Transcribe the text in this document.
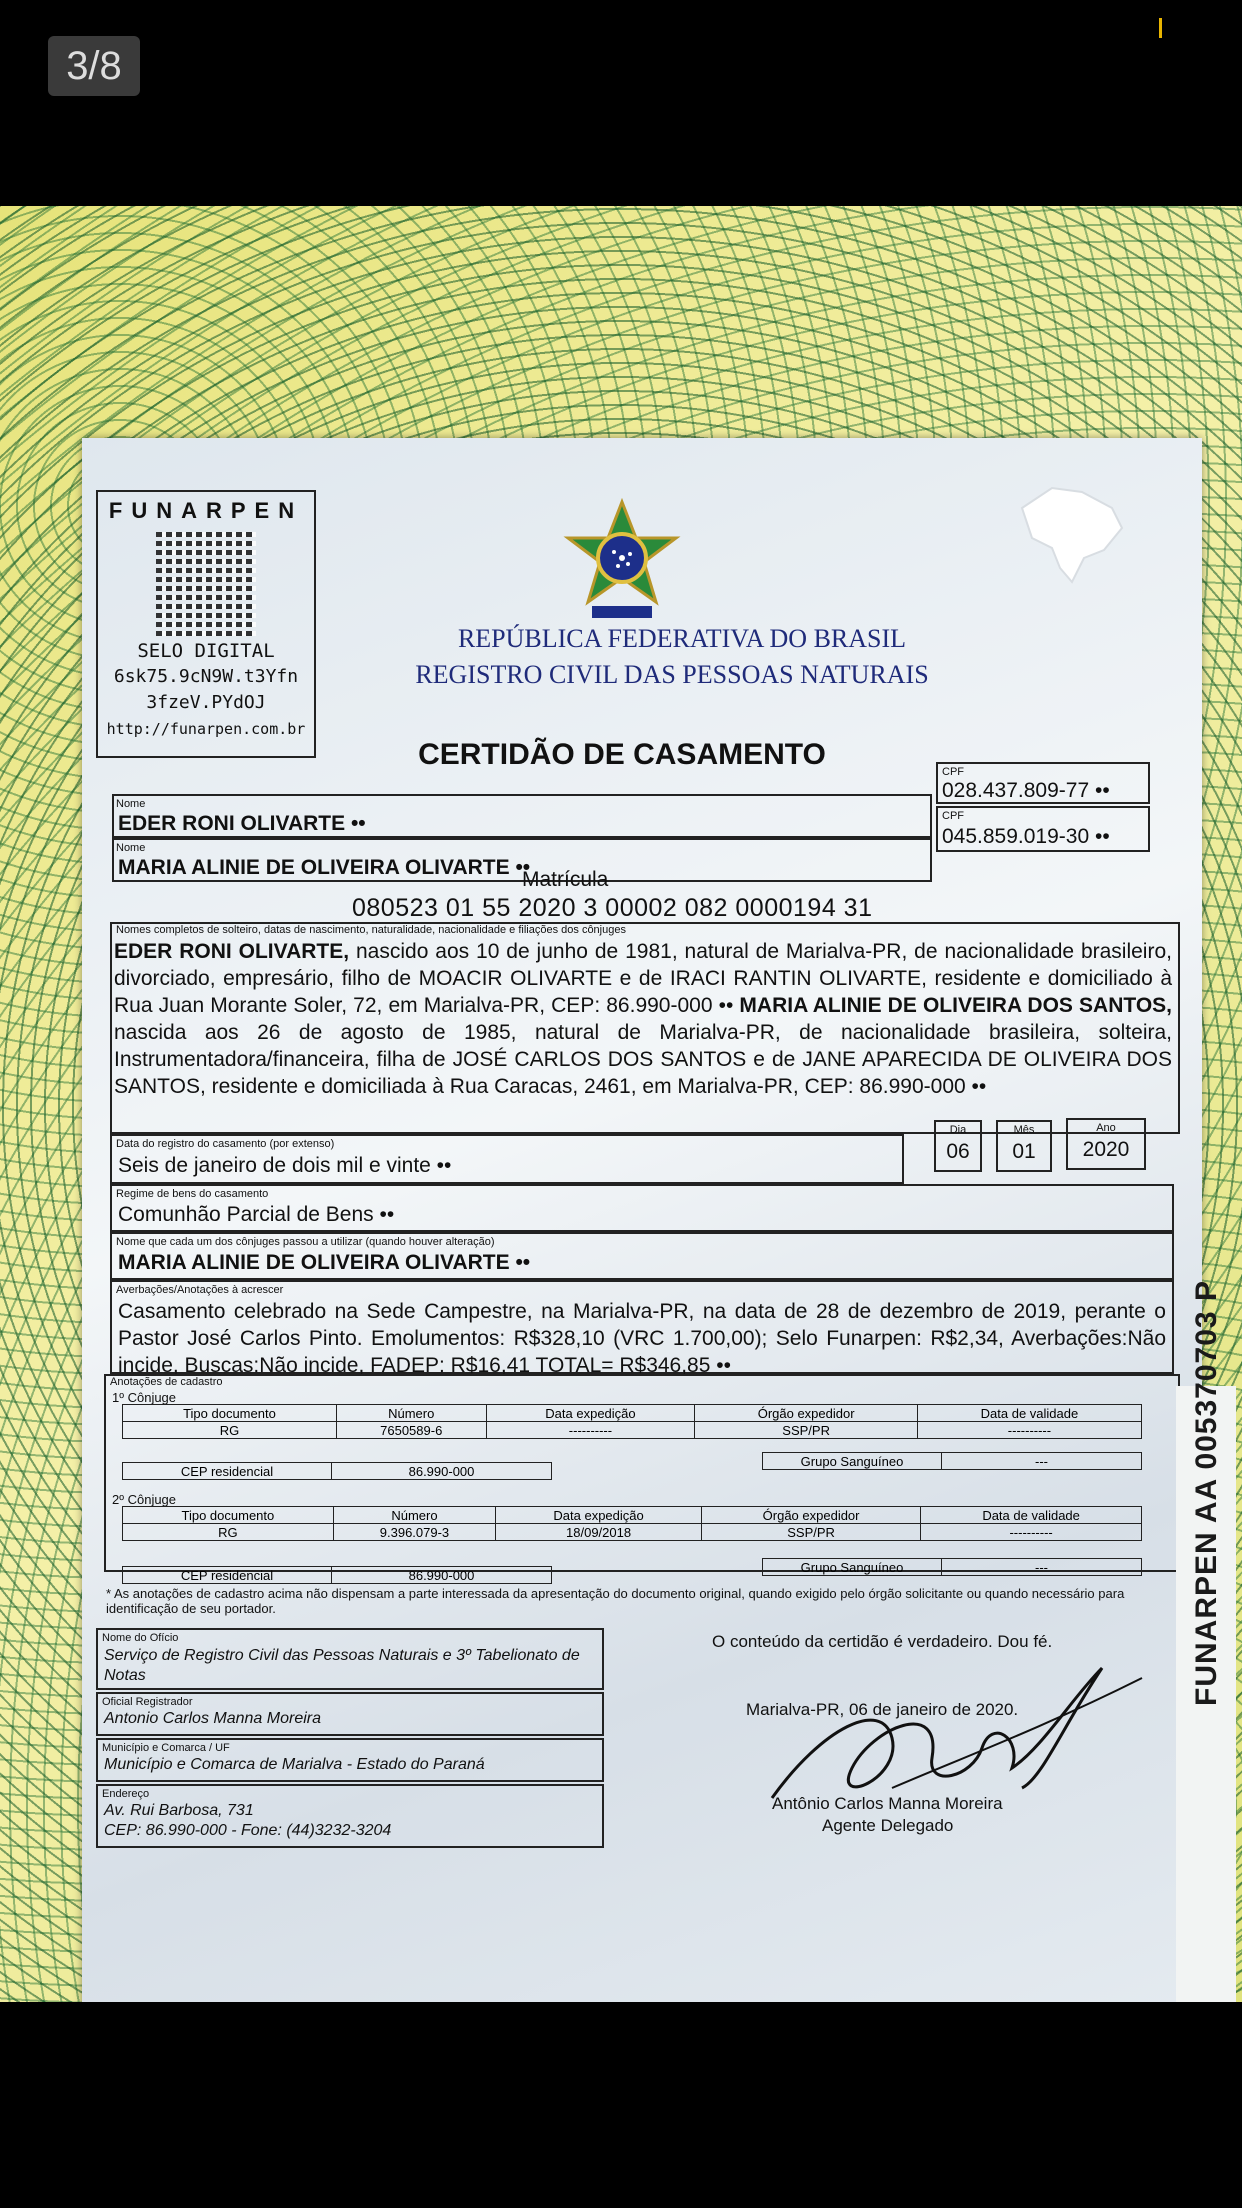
3/8
FUNARPEN
SELO DIGITAL
6sk75.9cN9W.t3Yfn
3fzeV.PYdOJ
http://funarpen.com.br
REPÚBLICA FEDERATIVA DO BRASIL
REGISTRO CIVIL DAS PESSOAS NATURAIS
CERTIDÃO DE CASAMENTO
Nome
EDER RONI OLIVARTE ••
CPF
028.437.809-77 ••
Nome
MARIA ALINIE DE OLIVEIRA OLIVARTE ••
CPF
045.859.019-30 ••
Matrícula
080523 01 55 2020 3 00002 082 0000194 31
Nomes completos de solteiro, datas de nascimento, naturalidade, nacionalidade e filiações dos cônjuges
EDER RONI OLIVARTE, nascido aos 10 de junho de 1981, natural de Marialva-PR, de nacionalidade brasileiro, divorciado, empresário, filho de MOACIR OLIVARTE e de IRACI RANTIN OLIVARTE, residente e domiciliado à Rua Juan Morante Soler, 72, em Marialva-PR, CEP: 86.990-000 •• MARIA ALINIE DE OLIVEIRA DOS SANTOS, nascida aos 26 de agosto de 1985, natural de Marialva-PR, de nacionalidade brasileira, solteira, Instrumentadora/financeira, filha de JOSÉ CARLOS DOS SANTOS e de JANE APARECIDA DE OLIVEIRA DOS SANTOS, residente e domiciliada à Rua Caracas, 2461, em Marialva-PR, CEP: 86.990-000 ••
Data do registro do casamento (por extenso)
Seis de janeiro de dois mil e vinte ••
Dia
06
Mês
01
Ano
2020
Regime de bens do casamento
Comunhão Parcial de Bens ••
Nome que cada um dos cônjuges passou a utilizar (quando houver alteração)
MARIA ALINIE DE OLIVEIRA OLIVARTE ••
Averbações/Anotações à acrescer
Casamento celebrado na Sede Campestre, na Marialva-PR, na data de 28 de dezembro de 2019, perante o Pastor José Carlos Pinto. Emolumentos: R$328,10 (VRC 1.700,00); Selo Funarpen: R$2,34, Averbações:Não incide, Buscas:Não incide, FADEP: R$16,41 TOTAL= R$346,85 ••
Anotações de cadastro
1º Cônjuge
Tipo documento	Número	Data expedição	Órgão expedidor	Data de validade
RG	7650589-6	----------	SSP/PR	----------
CEP residencial	86.990-000
Grupo Sanguíneo	---
2º Cônjuge
Tipo documento	Número	Data expedição	Órgão expedidor	Data de validade
RG	9.396.079-3	18/09/2018	SSP/PR	----------
CEP residencial	86.990-000
Grupo Sanguíneo	---
* As anotações de cadastro acima não dispensam a parte interessada da apresentação do documento original, quando exigido pelo órgão solicitante ou quando necessário para identificação de seu portador.
Nome do Ofício
Serviço de Registro Civil das Pessoas Naturais e 3º Tabelionato de Notas
Oficial Registrador
Antonio Carlos Manna Moreira
Município e Comarca / UF
Município e Comarca de Marialva - Estado do Paraná
Endereço
Av. Rui Barbosa, 731
CEP: 86.990-000 - Fone: (44)3232-3204
O conteúdo da certidão é verdadeiro. Dou fé.
Marialva-PR, 06 de janeiro de 2020.
Antônio Carlos Manna Moreira
Agente Delegado
FUNARPEN AA 005370703 P
